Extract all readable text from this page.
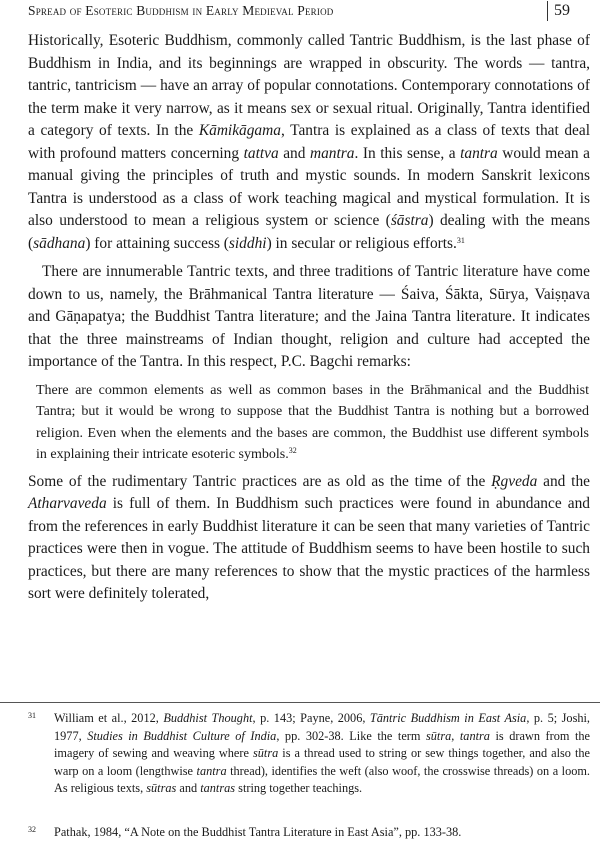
Spread of Esoteric Buddhism in Early Medieval Period	59

Historically, Esoteric Buddhism, commonly called Tantric Buddhism, is the last phase of Buddhism in India, and its beginnings are wrapped in obscurity. The words — tantra, tantric, tantricism — have an array of popular connotations. Contemporary connotations of the term make it very narrow, as it means sex or sexual ritual. Originally, Tantra identified a category of texts. In the Kāmikāgama, Tantra is explained as a class of texts that deal with profound matters concerning tattva and mantra. In this sense, a tantra would mean a manual giving the principles of truth and mystic sounds. In modern Sanskrit lexicons Tantra is understood as a class of work teaching magical and mystical formulation. It is also understood to mean a religious system or science (śāstra) dealing with the means (sādhana) for attaining success (siddhi) in secular or religious efforts.$^{31}$

There are innumerable Tantric texts, and three traditions of Tantric literature have come down to us, namely, the Brāhmanical Tantra literature — Śaiva, Śākta, Sūrya, Vaiṣṇava and Gāṇapatya; the Buddhist Tantra literature; and the Jaina Tantra literature. It indicates that the three mainstreams of Indian thought, religion and culture had accepted the importance of the Tantra. In this respect, P.C. Bagchi remarks:

There are common elements as well as common bases in the Brāhmanical and the Buddhist Tantra; but it would be wrong to suppose that the Buddhist Tantra is nothing but a borrowed religion. Even when the elements and the bases are common, the Buddhist use different symbols in explaining their intricate esoteric symbols.$^{32}$

Some of the rudimentary Tantric practices are as old as the time of the Ṛgveda and the Atharvaveda is full of them. In Buddhism such practices were found in abundance and from the references in early Buddhist literature it can be seen that many varieties of Tantric practices were then in vogue. The attitude of Buddhism seems to have been hostile to such practices, but there are many references to show that the mystic practices of the harmless sort were definitely tolerated,

31	William et al., 2012, Buddhist Thought, p. 143; Payne, 2006, Tāntric Buddhism in East Asia, p. 5; Joshi, 1977, Studies in Buddhist Culture of India, pp. 302-38. Like the term sūtra, tantra is drawn from the imagery of sewing and weaving where sūtra is a thread used to string or sew things together, and also the warp on a loom (lengthwise tantra thread), identifies the weft (also woof, the crosswise threads) on a loom. As religious texts, sūtras and tantras string together teachings.
32	Pathak, 1984, “A Note on the Buddhist Tantra Literature in East Asia”, pp. 133-38.
